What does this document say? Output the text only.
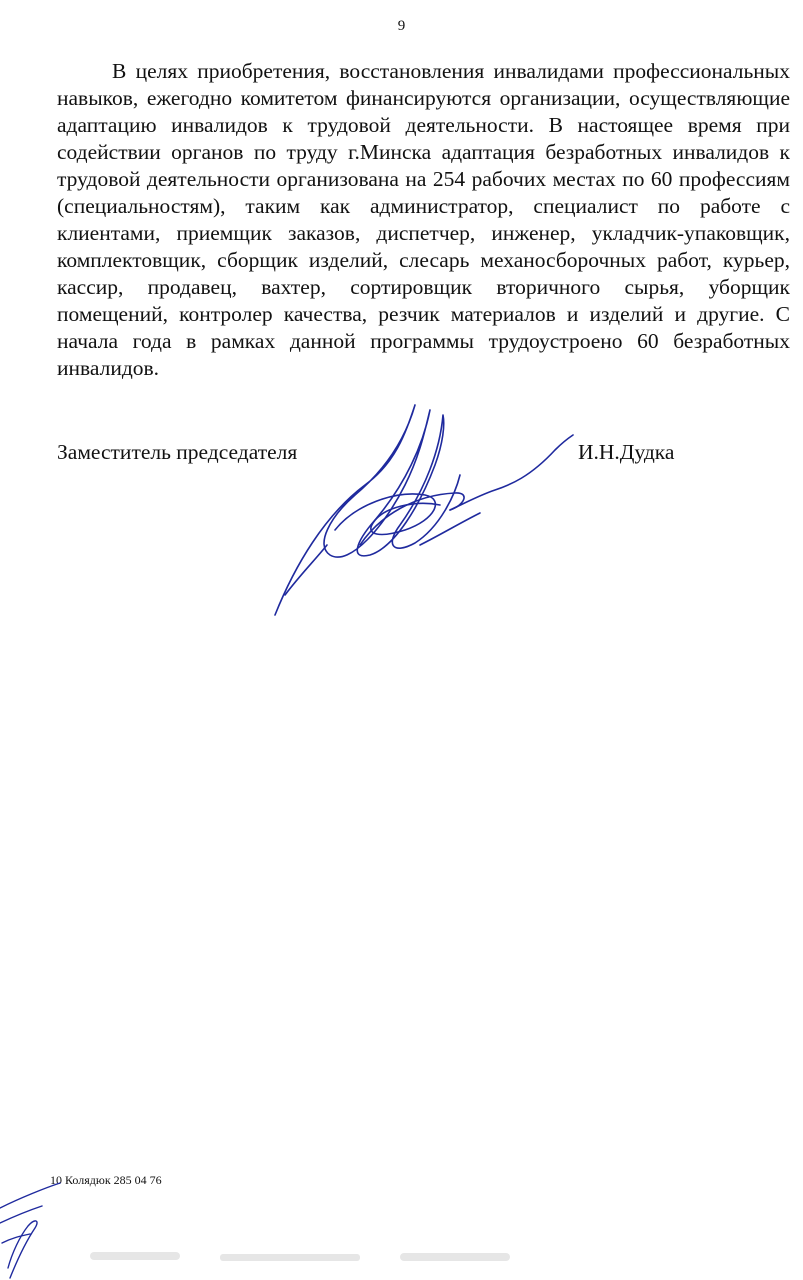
9

В целях приобретения, восстановления инвалидами профессиональных навыков, ежегодно комитетом финансируются организации, осуществляющие адаптацию инвалидов к трудовой деятельности. В настоящее время при содействии органов по труду г.Минска адаптация безработных инвалидов к трудовой деятельности организована на 254 рабочих местах по 60 профессиям (специальностям), таким как администратор, специалист по работе с клиентами, приемщик заказов, диспетчер, инженер, укладчик-упаковщик, комплектовщик, сборщик изделий, слесарь механосборочных работ, курьер, кассир, продавец, вахтер, сортировщик вторичного сырья, уборщик помещений, контролер качества, резчик материалов и изделий и другие. С начала года в рамках данной программы трудоустроено 60 безработных инвалидов.

Заместитель председателя	И.Н.Дудка
10 Колядюк 285 04 76
